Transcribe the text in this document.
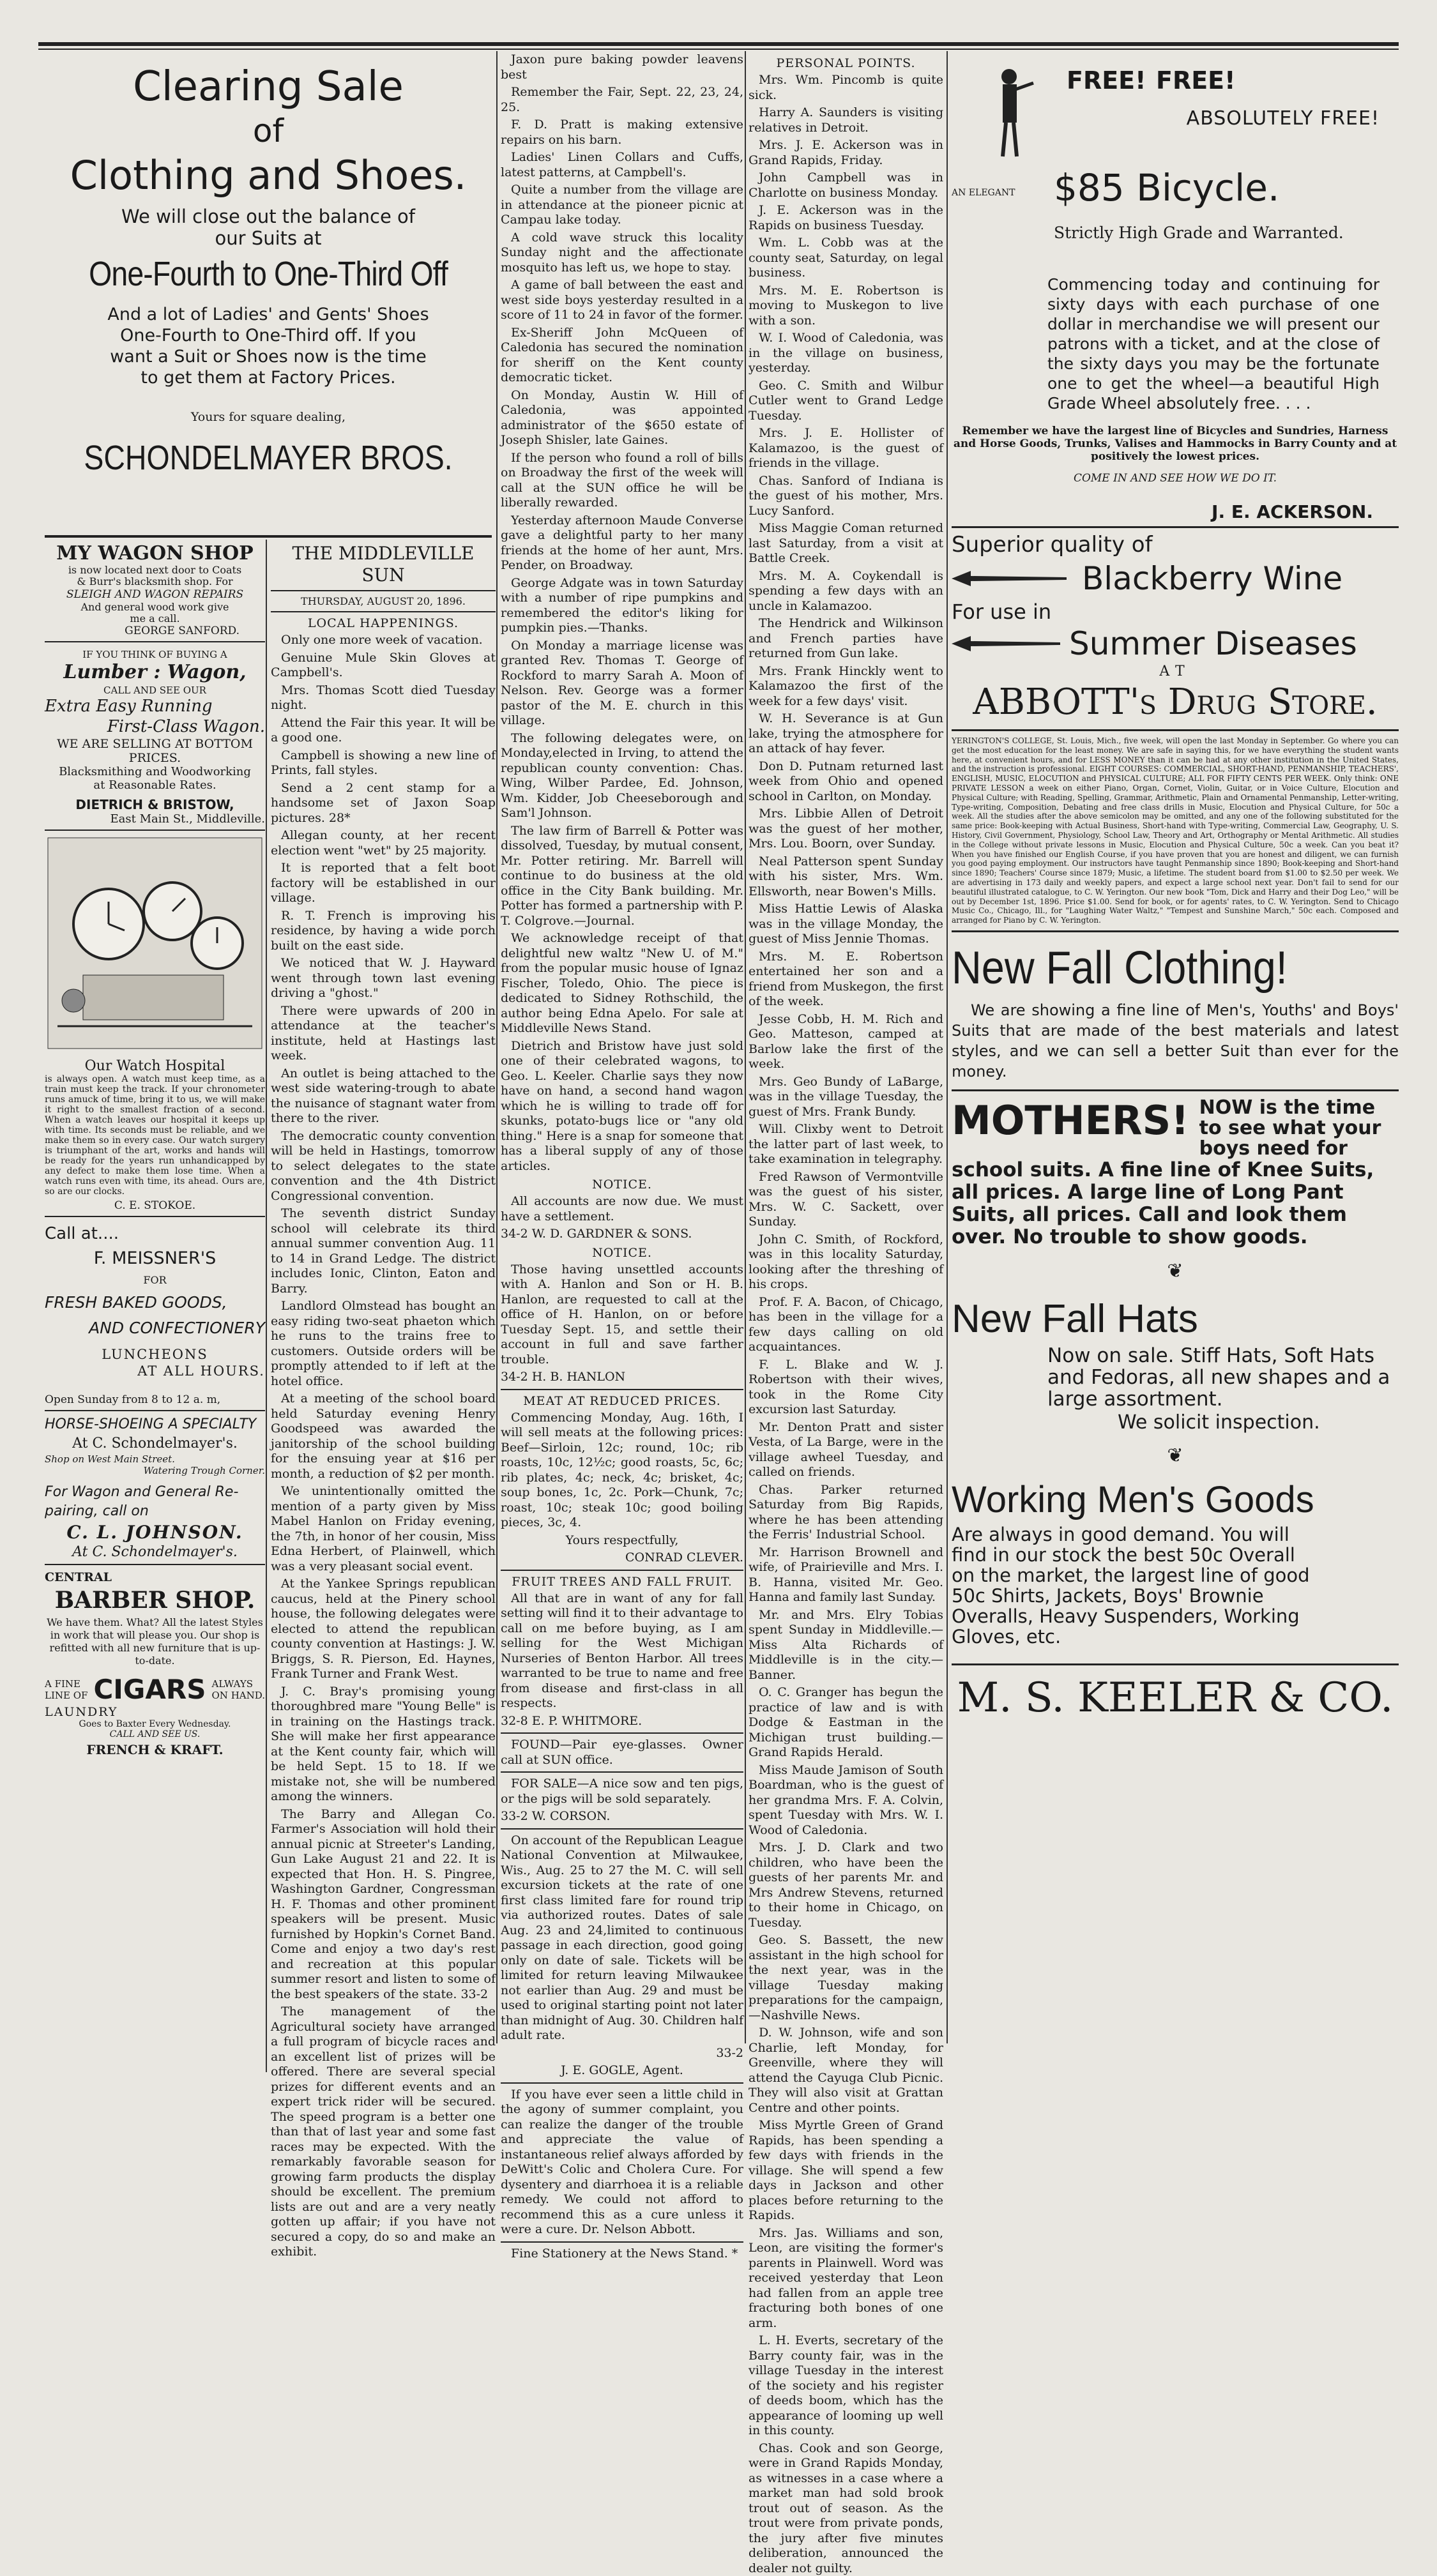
Clearing Sale
of
Clothing and Shoes.
We will close out the balance of
our Suits at
One-Fourth to One-Third Off
And a lot of Ladies' and Gents' Shoes
One-Fourth to One-Third off. If you
want a Suit or Shoes now is the time
to get them at Factory Prices.
Yours for square dealing,
SCHONDELMAYER BROS.
MY WAGON SHOP
is now located next door to Coats
& Burr's blacksmith shop. For
SLEIGH AND WAGON REPAIRS
And general wood work give
me a call.
GEORGE SANFORD.
IF YOU THINK OF BUYING A
Lumber : Wagon,
CALL AND SEE OUR
Extra Easy Running
First-Class Wagon.
WE ARE SELLING AT BOTTOM
PRICES.
Blacksmithing and Woodworking
at Reasonable Rates.
DIETRICH & BRISTOW,
East Main St., Middleville.
Our Watch Hospital
is always open. A watch must keep time, as a train must keep the track. If your chronometer runs amuck of time, bring it to us, we will make it right to the smallest fraction of a second. When a watch leaves our hospital it keeps up with time. Its seconds must be reliable, and we make them so in every case. Our watch surgery is triumphant of the art, works and hands will be ready for the years run unhandicapped by any defect to make them lose time. When a watch runs even with time, its ahead. Ours are, so are our clocks.
C. E. STOKOE.
Call at....
F. MEISSNER'S
FOR
FRESH BAKED GOODS,
AND CONFECTIONERY
LUNCHEONS
AT ALL HOURS.
Open Sunday from 8 to 12 a. m,
HORSE-SHOEING A SPECIALTY
At C. Schondelmayer's.
Shop on West Main Street.
Watering Trough Corner.
For Wagon and General Re-
pairing, call on
C. L. JOHNSON.
At C. Schondelmayer's.
CENTRAL
BARBER SHOP.
We have them. What? All the latest Styles in work that will please you. Our shop is refitted with all new furniture that is up-to-date.
A FINE
LINE OF CIGARS ALWAYS
ON HAND.
LAUNDRY
Goes to Baxter Every Wednesday.
CALL AND SEE US.
FRENCH & KRAFT.
THE MIDDLEVILLE SUN
THURSDAY, AUGUST 20, 1896.
LOCAL HAPPENINGS.

Only one more week of vacation.

Genuine Mule Skin Gloves at Campbell's.

Mrs. Thomas Scott died Tuesday night.

Attend the Fair this year. It will be a good one.

Campbell is showing a new line of Prints, fall styles.

Send a 2 cent stamp for a handsome set of Jaxon Soap pictures. 28*

Allegan county, at her recent election went "wet" by 25 majority.

It is reported that a felt boot factory will be established in our village.

R. T. French is improving his residence, by having a wide porch built on the east side.

We noticed that W. J. Hayward went through town last evening driving a "ghost."

There were upwards of 200 in attendance at the teacher's institute, held at Hastings last week.

An outlet is being attached to the west side watering-trough to abate the nuisance of stagnant water from there to the river.

The democratic county convention will be held in Hastings, tomorrow to select delegates to the state convention and the 4th District Congressional convention.

The seventh district Sunday school will celebrate its third annual summer convention Aug. 11 to 14 in Grand Ledge. The district includes Ionic, Clinton, Eaton and Barry.

Landlord Olmstead has bought an easy riding two-seat phaeton which he runs to the trains free to customers. Outside orders will be promptly attended to if left at the hotel office.

At a meeting of the school board held Saturday evening Henry Goodspeed was awarded the janitorship of the school building for the ensuing year at $16 per month, a reduction of $2 per month.

We unintentionally omitted the mention of a party given by Miss Mabel Hanlon on Friday evening, the 7th, in honor of her cousin, Miss Edna Herbert, of Plainwell, which was a very pleasant social event.

At the Yankee Springs republican caucus, held at the Pinery school house, the following delegates were elected to attend the republican county convention at Hastings: J. W. Briggs, S. R. Pierson, Ed. Haynes, Frank Turner and Frank West.

J. C. Bray's promising young thoroughbred mare "Young Belle" is in training on the Hastings track. She will make her first appearance at the Kent county fair, which will be held Sept. 15 to 18. If we mistake not, she will be numbered among the winners.

The Barry and Allegan Co. Farmer's Association will hold their annual picnic at Streeter's Landing, Gun Lake August 21 and 22. It is expected that Hon. H. S. Pingree, Washington Gardner, Congressman H. F. Thomas and other prominent speakers will be present. Music furnished by Hopkin's Cornet Band. Come and enjoy a two day's rest and recreation at this popular summer resort and listen to some of the best speakers of the state. 33-2

The management of the Agricultural society have arranged a full program of bicycle races and an excellent list of prizes will be offered. There are several special prizes for different events and an expert trick rider will be secured. The speed program is a better one than that of last year and some fast races may be expected. With the remarkably favorable season for growing farm products the display should be excellent. The premium lists are out and are a very neatly gotten up affair; if you have not secured a copy, do so and make an exhibit.

Jaxon pure baking powder leavens best

Remember the Fair, Sept. 22, 23, 24, 25.

F. D. Pratt is making extensive repairs on his barn.

Ladies' Linen Collars and Cuffs, latest patterns, at Campbell's.

Quite a number from the village are in attendance at the pioneer picnic at Campau lake today.

A cold wave struck this locality Sunday night and the affectionate mosquito has left us, we hope to stay.

A game of ball between the east and west side boys yesterday resulted in a score of 11 to 24 in favor of the former.

Ex-Sheriff John McQueen of Caledonia has secured the nomination for sheriff on the Kent county democratic ticket.

On Monday, Austin W. Hill of Caledonia, was appointed administrator of the $650 estate of Joseph Shisler, late Gaines.

If the person who found a roll of bills on Broadway the first of the week will call at the SUN office he will be liberally rewarded.

Yesterday afternoon Maude Converse gave a delightful party to her many friends at the home of her aunt, Mrs. Pender, on Broadway.

George Adgate was in town Saturday with a number of ripe pumpkins and remembered the editor's liking for pumpkin pies.—Thanks.

On Monday a marriage license was granted Rev. Thomas T. George of Rockford to marry Sarah A. Moon of Nelson. Rev. George was a former pastor of the M. E. church in this village.

The following delegates were, on Monday,elected in Irving, to attend the republican county convention: Chas. Wing, Wilber Pardee, Ed. Johnson, Wm. Kidder, Job Cheeseborough and Sam'l Johnson.

The law firm of Barrell & Potter was dissolved, Tuesday, by mutual consent, Mr. Potter retiring. Mr. Barrell will continue to do business at the old office in the City Bank building. Mr. Potter has formed a partnership with P. T. Colgrove.—Journal.

We acknowledge receipt of that delightful new waltz "New U. of M." from the popular music house of Ignaz Fischer, Toledo, Ohio. The piece is dedicated to Sidney Rothschild, the author being Edna Apelo. For sale at Middleville News Stand.

Dietrich and Bristow have just sold one of their celebrated wagons, to Geo. L. Keeler. Charlie says they now have on hand, a second hand wagon which he is willing to trade off for skunks, potato-bugs lice or "any old thing." Here is a snap for someone that has a liberal supply of any of those articles.

NOTICE.

All accounts are now due. We must have a settlement.

34-2 W. D. GARDNER & SONS.

NOTICE.

Those having unsettled accounts with A. Hanlon and Son or H. B. Hanlon, are requested to call at the office of H. Hanlon, on or before Tuesday Sept. 15, and settle their account in full and save farther trouble.

34-2 H. B. HANLON

MEAT AT REDUCED PRICES.

Commencing Monday, Aug. 16th, I will sell meats at the following prices: Beef—Sirloin, 12c; round, 10c; rib roasts, 10c, 12½c; good roasts, 5c, 6c; rib plates, 4c; neck, 4c; brisket, 4c; soup bones, 1c, 2c. Pork—Chunk, 7c; roast, 10c; steak 10c; good boiling pieces, 3c, 4.

Yours respectfully,

CONRAD CLEVER.

FRUIT TREES AND FALL FRUIT.

All that are in want of any for fall setting will find it to their advantage to call on me before buying, as I am selling for the West Michigan Nurseries of Benton Harbor. All trees warranted to be true to name and free from disease and first-class in all respects.

32-8 E. P. WHITMORE.

FOUND—Pair eye-glasses. Owner call at SUN office.

FOR SALE—A nice sow and ten pigs, or the pigs will be sold separately.

33-2 W. CORSON.

On account of the Republican League National Convention at Milwaukee, Wis., Aug. 25 to 27 the M. C. will sell excursion tickets at the rate of one first class limited fare for round trip via authorized routes. Dates of sale Aug. 23 and 24,limited to continuous passage in each direction, good going only on date of sale. Tickets will be limited for return leaving Milwaukee not earlier than Aug. 29 and must be used to original starting point not later than midnight of Aug. 30. Children half adult rate.

33-2

J. E. GOGLE, Agent.

If you have ever seen a little child in the agony of summer complaint, you can realize the danger of the trouble and appreciate the value of instantaneous relief always afforded by DeWitt's Colic and Cholera Cure. For dysentery and diarrhoea it is a reliable remedy. We could not afford to recommend this as a cure unless it were a cure. Dr. Nelson Abbott.

Fine Stationery at the News Stand. *

PERSONAL POINTS.

Mrs. Wm. Pincomb is quite sick.

Harry A. Saunders is visiting relatives in Detroit.

Mrs. J. E. Ackerson was in Grand Rapids, Friday.

John Campbell was in Charlotte on business Monday.

J. E. Ackerson was in the Rapids on business Tuesday.

Wm. L. Cobb was at the county seat, Saturday, on legal business.

Mrs. M. E. Robertson is moving to Muskegon to live with a son.

W. I. Wood of Caledonia, was in the village on business, yesterday.

Geo. C. Smith and Wilbur Cutler went to Grand Ledge Tuesday.

Mrs. J. E. Hollister of Kalamazoo, is the guest of friends in the village.

Chas. Sanford of Indiana is the guest of his mother, Mrs. Lucy Sanford.

Miss Maggie Coman returned last Saturday, from a visit at Battle Creek.

Mrs. M. A. Coykendall is spending a few days with an uncle in Kalamazoo.

The Hendrick and Wilkinson and French parties have returned from Gun lake.

Mrs. Frank Hinckly went to Kalamazoo the first of the week for a few days' visit.

W. H. Severance is at Gun lake, trying the atmosphere for an attack of hay fever.

Don D. Putnam returned last week from Ohio and opened school in Carlton, on Monday.

Mrs. Libbie Allen of Detroit was the guest of her mother, Mrs. Lou. Boorn, over Sunday.

Neal Patterson spent Sunday with his sister, Mrs. Wm. Ellsworth, near Bowen's Mills.

Miss Hattie Lewis of Alaska was in the village Monday, the guest of Miss Jennie Thomas.

Mrs. M. E. Robertson entertained her son and a friend from Muskegon, the first of the week.

Jesse Cobb, H. M. Rich and Geo. Matteson, camped at Barlow lake the first of the week.

Mrs. Geo Bundy of LaBarge, was in the village Tuesday, the guest of Mrs. Frank Bundy.

Will. Clixby went to Detroit the latter part of last week, to take examination in telegraphy.

Fred Rawson of Vermontville was the guest of his sister, Mrs. W. C. Sackett, over Sunday.

John C. Smith, of Rockford, was in this locality Saturday, looking after the threshing of his crops.

Prof. F. A. Bacon, of Chicago, has been in the village for a few days calling on old acquaintances.

F. L. Blake and W. J. Robertson with their wives, took in the Rome City excursion last Saturday.

Mr. Denton Pratt and sister Vesta, of La Barge, were in the village awheel Tuesday, and called on friends.

Chas. Parker returned Saturday from Big Rapids, where he has been attending the Ferris' Industrial School.

Mr. Harrison Brownell and wife, of Prairieville and Mrs. I. B. Hanna, visited Mr. Geo. Hanna and family last Sunday.

Mr. and Mrs. Elry Tobias spent Sunday in Middleville.—Miss Alta Richards of Middleville is in the city.—Banner.

O. C. Granger has begun the practice of law and is with Dodge & Eastman in the Michigan trust building.—Grand Rapids Herald.

Miss Maude Jamison of South Boardman, who is the guest of her grandma Mrs. F. A. Colvin, spent Tuesday with Mrs. W. I. Wood of Caledonia.

Mrs. J. D. Clark and two children, who have been the guests of her parents Mr. and Mrs Andrew Stevens, returned to their home in Chicago, on Tuesday.

Geo. S. Bassett, the new assistant in the high school for the next year, was in the village Tuesday making preparations for the campaign,—Nashville News.

D. W. Johnson, wife and son Charlie, left Monday, for Greenville, where they will attend the Cayuga Club Picnic. They will also visit at Grattan Centre and other points.

Miss Myrtle Green of Grand Rapids, has been spending a few days with friends in the village. She will spend a few days in Jackson and other places before returning to the Rapids.

Mrs. Jas. Williams and son, Leon, are visiting the former's parents in Plainwell. Word was received yesterday that Leon had fallen from an apple tree fracturing both bones of one arm.

L. H. Everts, secretary of the Barry county fair, was in the village Tuesday in the interest of the society and his register of deeds boom, which has the appearance of looming up well in this county.

Chas. Cook and son George, were in Grand Rapids Monday, as witnesses in a case where a market man had sold brook trout out of season. As the trout were from private ponds, the jury after five minutes deliberation, announced the dealer not guilty.

FREE! FREE!
ABSOLUTELY FREE!
AN ELEGANT $85 Bicycle.
Strictly High Grade and Warranted.
Commencing today and continuing for sixty days with each purchase of one dollar in merchandise we will present our patrons with a ticket, and at the close of the sixty days you may be the fortunate one to get the wheel—a beautiful High Grade Wheel absolutely free. . . .
Remember we have the largest line of Bicycles and Sundries, Harness and Horse Goods, Trunks, Valises and Hammocks in Barry County and at positively the lowest prices.
COME IN AND SEE HOW WE DO IT.
J. E. ACKERSON.
Superior quality of
Blackberry Wine
For use in
Summer Diseases
AT
ABBOTT's Drug Store.
YERINGTON'S COLLEGE, St. Louis, Mich., five week, will open the last Monday in September. Go where you can get the most education for the least money. We are safe in saying this, for we have everything the student wants here, at convenient hours, and for LESS MONEY than it can be had at any other institution in the United States, and the instruction is professional. EIGHT COURSES: COMMERCIAL, SHORT-HAND, PENMANSHIP, TEACHERS', ENGLISH, MUSIC, ELOCUTION and PHYSICAL CULTURE; ALL FOR FIFTY CENTS PER WEEK. Only think: ONE PRIVATE LESSON a week on either Piano, Organ, Cornet, Violin, Guitar, or in Voice Culture, Elocution and Physical Culture; with Reading, Spelling, Grammar, Arithmetic, Plain and Ornamental Penmanship, Letter-writing, Type-writing, Composition, Debating and free class drills in Music, Elocution and Physical Culture, for 50c a week. All the studies after the above semicolon may be omitted, and any one of the following substituted for the same price: Book-keeping with Actual Business, Short-hand with Type-writing, Commercial Law, Geography, U. S. History, Civil Government, Physiology, School Law, Theory and Art, Orthography or Mental Arithmetic. All studies in the College without private lessons in Music, Elocution and Physical Culture, 50c a week. Can you beat it? When you have finished our English Course, if you have proven that you are honest and diligent, we can furnish you good paying employment. Our instructors have taught Penmanship since 1890; Book-keeping and Short-hand since 1890; Teachers' Course since 1879; Music, a lifetime. The student board from $1.00 to $2.50 per week. We are advertising in 173 daily and weekly papers, and expect a large school next year. Don't fail to send for our beautiful illustrated catalogue, to C. W. Yerington. Our new book "Tom, Dick and Harry and their Dog Leo," will be out by December 1st, 1896. Price $1.00. Send for book, or for agents' rates, to C. W. Yerington. Send to Chicago Music Co., Chicago, Ill., for "Laughing Water Waltz," "Tempest and Sunshine March," 50c each. Composed and arranged for Piano by C. W. Yerington.
New Fall Clothing!
We are showing a fine line of Men's, Youths' and Boys' Suits that are made of the best materials and latest styles, and we can sell a better Suit than ever for the money.
MOTHERS! NOW is the time to see what your boys need for
school suits. A fine line of Knee Suits, all prices. A large line of Long Pant Suits, all prices. Call and look them over. No trouble to show goods.
❦
New Fall Hats
Now on sale. Stiff Hats, Soft Hats and Fedoras, all new shapes and a large assortment.
We solicit inspection.
❦
Working Men's Goods
Are always in good demand. You will find in our stock the best 50c Overall on the market, the largest line of good 50c Shirts, Jackets, Boys' Brownie Overalls, Heavy Suspenders, Working Gloves, etc.
M. S. KEELER & CO.
